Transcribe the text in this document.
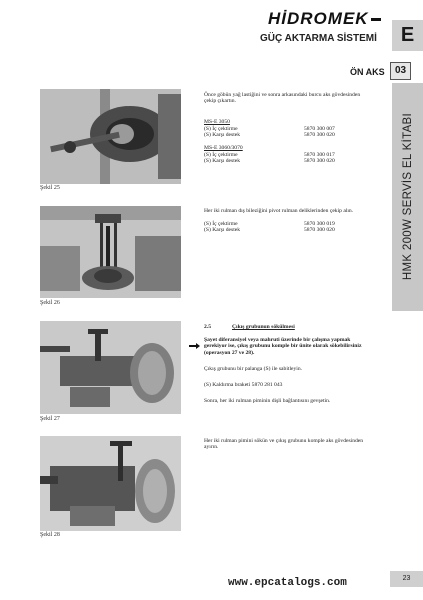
HİDROMEK
GÜÇ AKTARMA SİSTEMİ	E
ÖN AKS	03
HMK 200W SERVİS EL KİTABI
Şekil 25
Önce göbün yağ lastiğini ve sonra arkasındaki burcu aks gövdesinden çekip çıkartın.
MS-E 3050
(S) İç çektirme	5870 300 007
(S) Karşı destek	5870 300 020
MS-E 3060/3070
(S) İç çektirme	5870 300 017
(S) Karşı destek	5870 300 020
Şekil 26
Her iki rulman dış bileziğini pivot rulman deliklerinden çekip alın.
(S) İç çektirme	5870 300 019
(S) Karşı destek	5870 300 020
Şekil 27
2.5	Çıkış grubunun sökülmesi
Şayet diferansiyel veya mahruti üzerinde bir çalışma yapmak gerekiyor ise, çıkış grubunu komple bir ünite olarak sökebilirsiniz (operasyon 27 ve 28).
Çıkış grubunu bir palanga (S) ile sabitleyin.
(S) Kaldırma braketi 5870 281 043
Sonra, her iki rulman piminin dişli bağlantısını gevşetin.
Şekil 28
Her iki rulman pimini sökün ve çıkış grubunu komple aks gövdesinden ayırın.
www.epcatalogs.com	23
